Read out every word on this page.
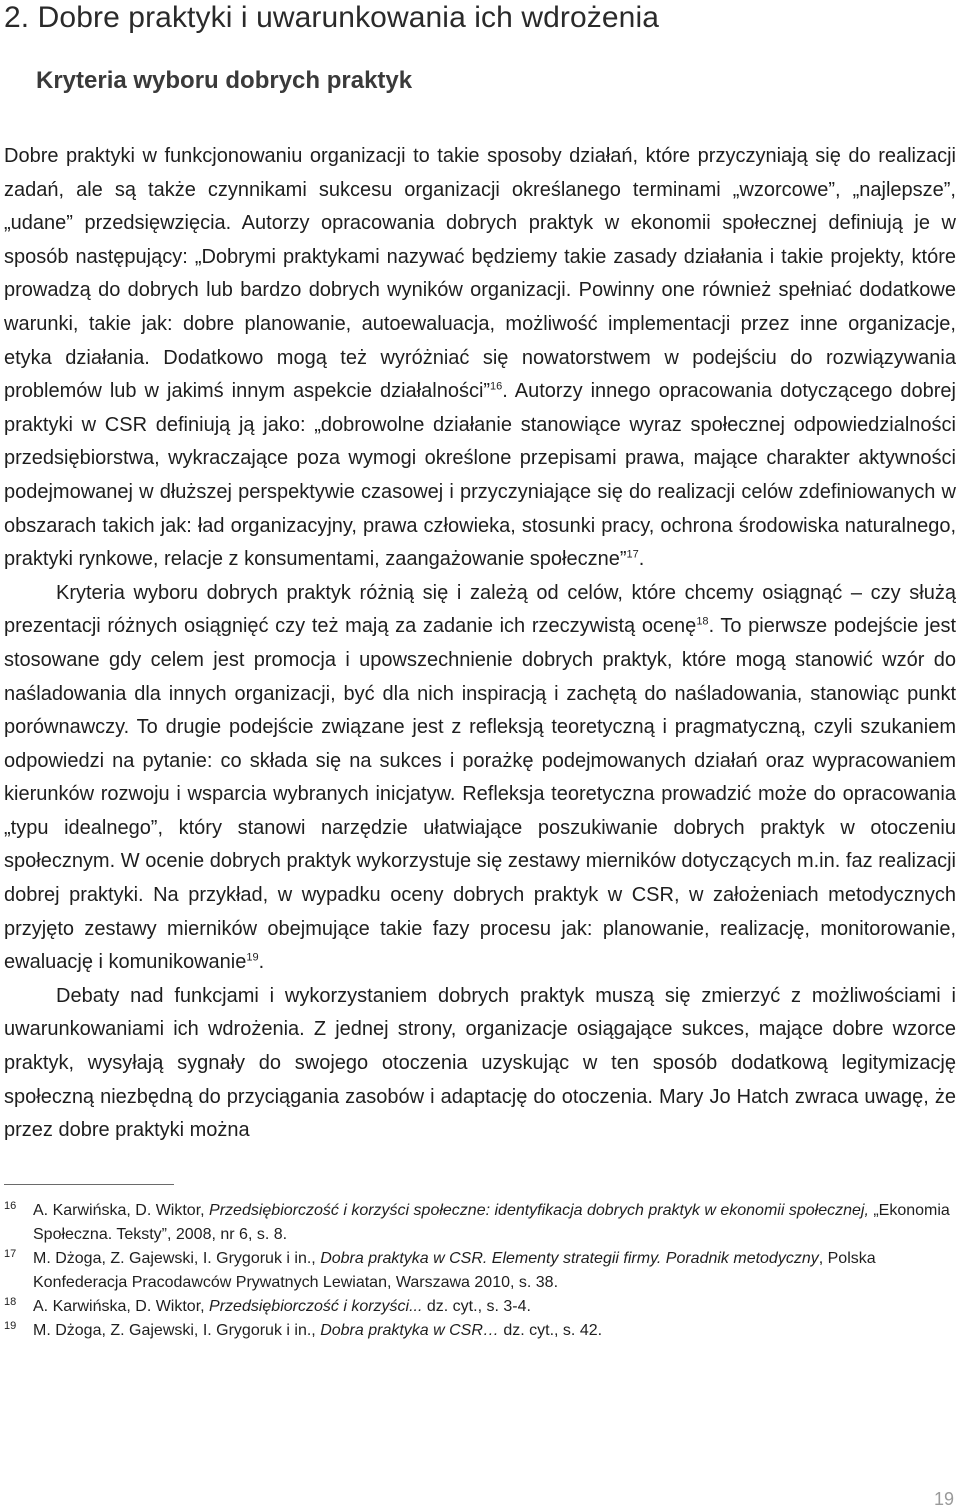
2. Dobre praktyki i uwarunkowania ich wdrożenia
Kryteria wyboru dobrych praktyk

Dobre praktyki w funkcjonowaniu organizacji to takie sposoby działań, które przyczyniają się do realizacji zadań, ale są także czynnikami sukcesu organizacji określanego terminami „wzorcowe”, „najlepsze”, „udane” przedsięwzięcia. Autorzy opracowania dobrych praktyk w ekonomii społecznej definiują je w sposób następujący: „Dobrymi praktykami nazywać będziemy takie zasady działania i takie projekty, które prowadzą do dobrych lub bardzo dobrych wyników organizacji. Powinny one również spełniać dodatkowe warunki, takie jak: dobre planowanie, autoewaluacja, możliwość implementacji przez inne organizacje, etyka działania. Dodatkowo mogą też wyróżniać się nowatorstwem w podejściu do rozwiązywania problemów lub w jakimś innym aspekcie działalności”$^{16}$. Autorzy innego opracowania dotyczącego dobrej praktyki w CSR definiują ją jako: „dobrowolne działanie stanowiące wyraz społecznej odpowiedzialności przedsiębiorstwa, wykraczające poza wymogi określone przepisami prawa, mające charakter aktywności podejmowanej w dłuższej perspektywie czasowej i przyczyniające się do realizacji celów zdefiniowanych w obszarach takich jak: ład organizacyjny, prawa człowieka, stosunki pracy, ochrona środowiska naturalnego, praktyki rynkowe, relacje z konsumentami, zaangażowanie społeczne”$^{17}$.

Kryteria wyboru dobrych praktyk różnią się i zależą od celów, które chcemy osiągnąć – czy służą prezentacji różnych osiągnięć czy też mają za zadanie ich rzeczywistą ocenę$^{18}$. To pierwsze podejście jest stosowane gdy celem jest promocja i upowszechnienie dobrych praktyk, które mogą stanowić wzór do naśladowania dla innych organizacji, być dla nich inspiracją i zachętą do naśladowania, stanowiąc punkt porównawczy. To drugie podejście związane jest z refleksją teoretyczną i pragmatyczną, czyli szukaniem odpowiedzi na pytanie: co składa się na sukces i porażkę podejmowanych działań oraz wypracowaniem kierunków rozwoju i wsparcia wybranych inicjatyw. Refleksja teoretyczna prowadzić może do opracowania „typu idealnego”, który stanowi narzędzie ułatwiające poszukiwanie dobrych praktyk w otoczeniu społecznym. W ocenie dobrych praktyk wykorzystuje się zestawy mierników dotyczących m.in. faz realizacji dobrej praktyki. Na przykład, w wypadku oceny dobrych praktyk w CSR, w założeniach metodycznych przyjęto zestawy mierników obejmujące takie fazy procesu jak: planowanie, realizację, monitorowanie, ewaluację i komunikowanie$^{19}$.

Debaty nad funkcjami i wykorzystaniem dobrych praktyk muszą się zmierzyć z możliwościami i uwarunkowaniami ich wdrożenia. Z jednej strony, organizacje osiągające sukces, mające dobre wzorce praktyk, wysyłają sygnały do swojego otoczenia uzyskując w ten sposób dodatkową legitymizację społeczną niezbędną do przyciągania zasobów i adaptację do otoczenia. Mary Jo Hatch zwraca uwagę, że przez dobre praktyki można

16 A. Karwińska, D. Wiktor, Przedsiębiorczość i korzyści społeczne: identyfikacja dobrych praktyk w ekonomii społecznej, „Ekonomia Społeczna. Teksty”, 2008, nr 6, s. 8.
17 M. Dżoga, Z. Gajewski, I. Grygoruk i in., Dobra praktyka w CSR. Elementy strategii firmy. Poradnik metodyczny, Polska Konfederacja Pracodawców Prywatnych Lewiatan, Warszawa 2010, s. 38.
18 A. Karwińska, D. Wiktor, Przedsiębiorczość i korzyści... dz. cyt., s. 3-4.
19 M. Dżoga, Z. Gajewski, I. Grygoruk i in., Dobra praktyka w CSR… dz. cyt., s. 42.
19
